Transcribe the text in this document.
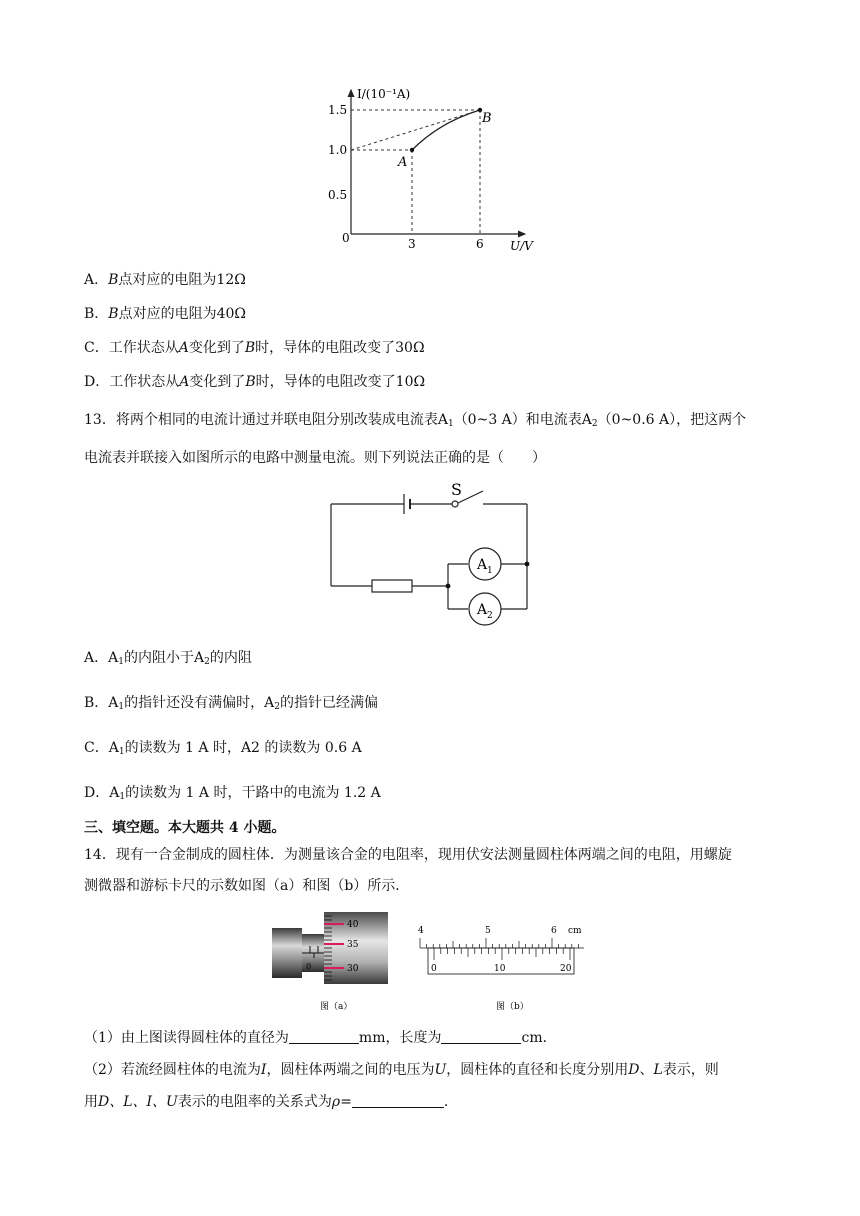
I/(10⁻¹A)
1.5
1.0
0.5
0	3	6 U/V
A
B
A．B点对应的电阻为12Ω
B．B点对应的电阻为40Ω
C．工作状态从A变化到了B时，导体的电阻改变了30Ω
D．工作状态从A变化到了B时，导体的电阻改变了10Ω
13．将两个相同的电流计通过并联电阻分别改装成电流表$A_1(0\sim 3$ A）和电流表$A_2(0\sim 0.6$ A），把这两个
电流表并联接入如图所示的电路中测量电流。则下列说法正确的是（　　）
S
A 1
A 2
A．$A_1$的内阻小于$A_2$的内阻
B．$A_1$的指针还没有满偏时，$A_2$的指针已经满偏
C．$A_1$的读数为 1 A 时，A2 的读数为 0.6 A
D．$A_1$的读数为 1 A 时，干路中的电流为 1.2 A
三、填空题。本大题共 4 小题。
14．现有一合金制成的圆柱体．为测量该合金的电阻率，现用伏安法测量圆柱体两端之间的电阻，用螺旋
测微器和游标卡尺的示数如图（a）和图（b）所示．
0
40
35
30
图（a）
4	5	6 cm
0	10	20
图（b）
（1）由上图读得圆柱体的直径为	mm，长度为	cm．
（2）若流经圆柱体的电流为I，圆柱体两端之间的电压为U，圆柱体的直径和长度分别用D、L表示，则
用D、L、I、U表示的电阻率的关系式为ρ=	.
